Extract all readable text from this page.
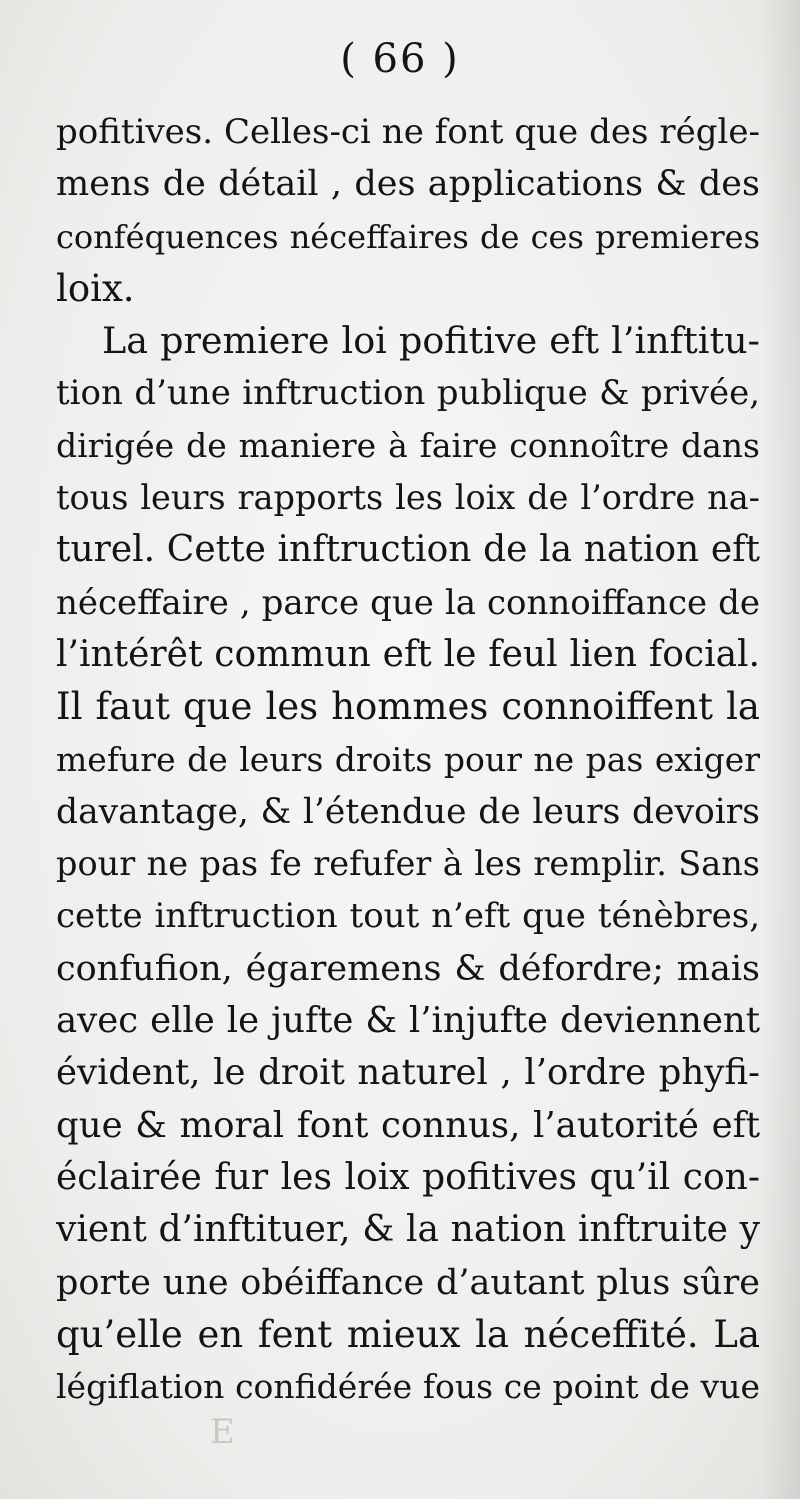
( 66 )
pofitives. Celles-ci ne font que des régle-
mens de détail , des applications & des
conféquences néceffaires de ces premieres
loix.
La premiere loi pofitive eft l’inftitu-
tion d’une inftruction publique & privée,
dirigée de maniere à faire connoître dans
tous leurs rapports les loix de l’ordre na-
turel. Cette inftruction de la nation eft
néceffaire , parce que la connoiffance de
l’intérêt commun eft le feul lien focial.
Il faut que les hommes connoiffent la
mefure de leurs droits pour ne pas exiger
davantage, & l’étendue de leurs devoirs
pour ne pas fe refufer à les remplir. Sans
cette inftruction tout n’eft que ténèbres,
confufion, égaremens & défordre; mais
avec elle le jufte & l’injufte deviennent
évident, le droit naturel , l’ordre phyfi-
que & moral font connus, l’autorité eft
éclairée fur les loix pofitives qu’il con-
vient d’inftituer, & la nation inftruite y
porte une obéiffance d’autant plus sûre
qu’elle en fent mieux la néceffité. La
légiflation confidérée fous ce point de vue
E
